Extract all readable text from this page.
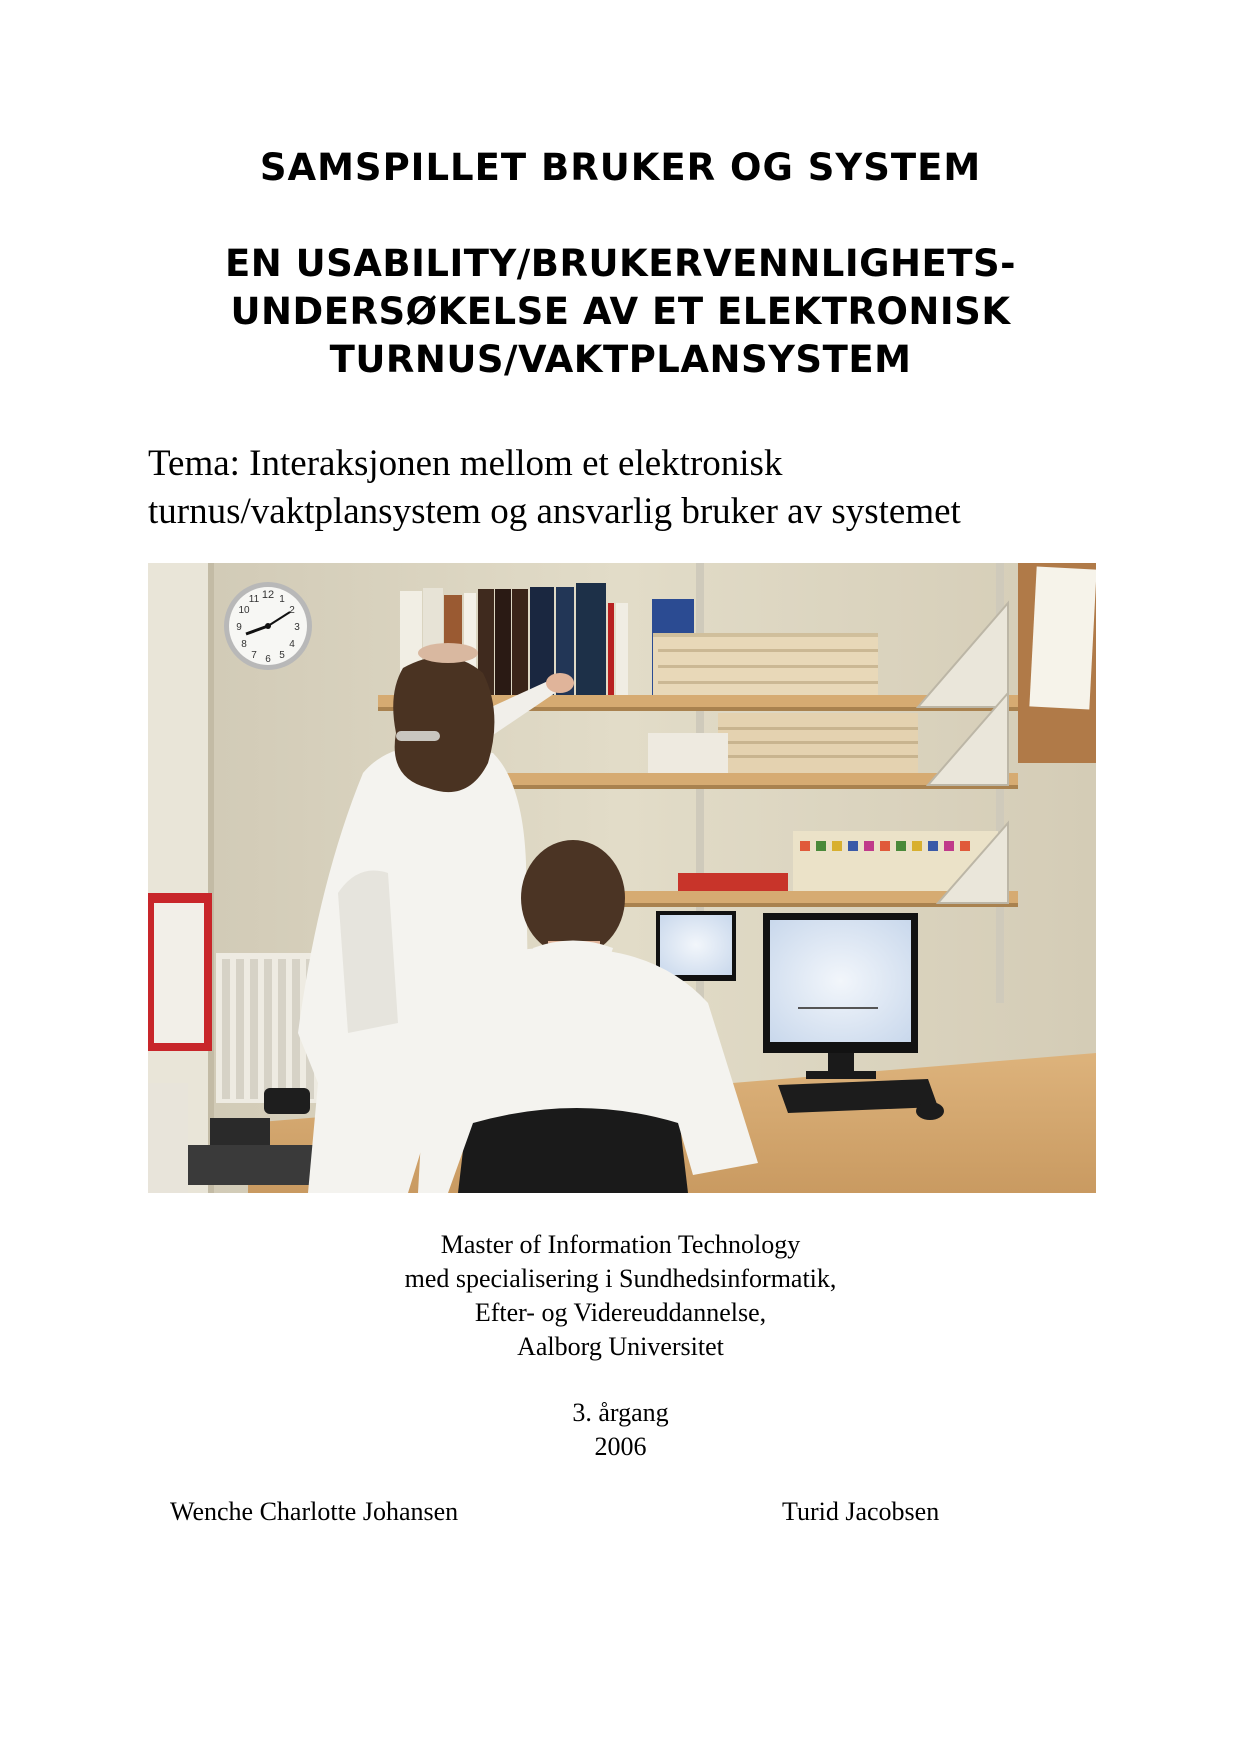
SAMSPILLET BRUKER OG SYSTEM
EN USABILITY/BRUKERVENNLIGHETS-
UNDERSØKELSE AV ET ELEKTRONISK
TURNUS/VAKTPLANSYSTEM
Tema: Interaksjonen mellom et elektronisk
turnus/vaktplansystem og ansvarlig bruker av systemet
12 1
2
3
4
5
6
7
8
9
10
11
Master of Information Technology
med specialisering i Sundhedsinformatik,
Efter- og Videreuddannelse,
Aalborg Universitet
3. årgang
2006
Wenche Charlotte Johansen	Turid Jacobsen
